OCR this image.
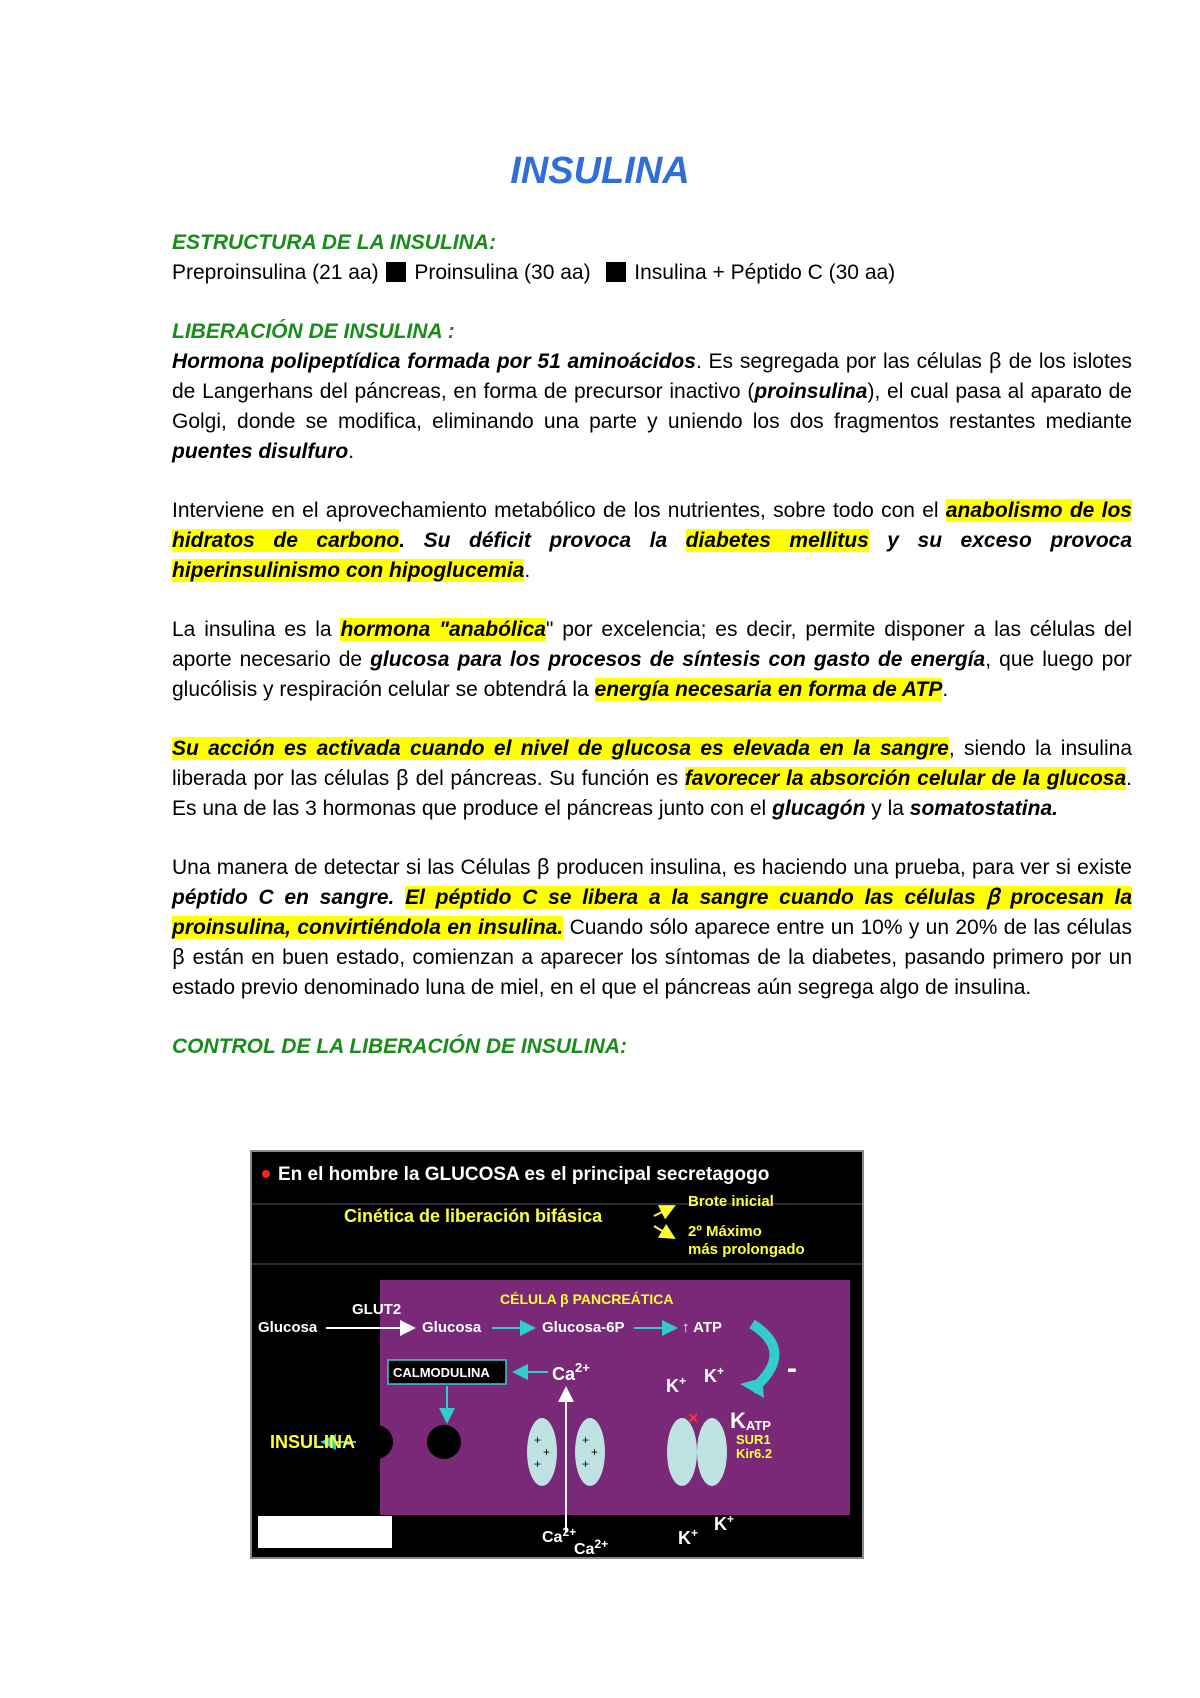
INSULINA
ESTRUCTURA DE LA INSULINA:

Preproinsulina (21 aa) Proinsulina (30 aa) Insulina + Péptido C (30 aa)

LIBERACIÓN DE INSULINA :

Hormona polipeptídica formada por 51 aminoácidos. Es segregada por las células ꞵ de los islotes de Langerhans del páncreas, en forma de precursor inactivo (proinsulina), el cual pasa al aparato de Golgi, donde se modifica, eliminando una parte y uniendo los dos fragmentos restantes mediante puentes disulfuro.

Interviene en el aprovechamiento metabólico de los nutrientes, sobre todo con el anabolismo de los hidratos de carbono. Su déficit provoca la diabetes mellitus y su exceso provoca hiperinsulinismo con hipoglucemia.

La insulina es la hormona "anabólica" por excelencia; es decir, permite disponer a las células del aporte necesario de glucosa para los procesos de síntesis con gasto de energía, que luego por glucólisis y respiración celular se obtendrá la energía necesaria en forma de ATP.

Su acción es activada cuando el nivel de glucosa es elevada en la sangre, siendo la insulina liberada por las células ꞵ del páncreas. Su función es favorecer la absorción celular de la glucosa. Es una de las 3 hormonas que produce el páncreas junto con el glucagón y la somatostatina.

Una manera de detectar si las Células ꞵ producen insulina, es haciendo una prueba, para ver si existe péptido C en sangre. El péptido C se libera a la sangre cuando las células ꞵ procesan la proinsulina, convirtiéndola en insulina. Cuando sólo aparece entre un 10% y un 20% de las células ꞵ están en buen estado, comienzan a aparecer los síntomas de la diabetes, pasando primero por un estado previo denominado luna de miel, en el que el páncreas aún segrega algo de insulina.

CONTROL DE LA LIBERACIÓN DE INSULINA:
En el hombre la GLUCOSA es el principal secretagogo
Cinética de liberación bifásica
Brote inicial
2º Máximo
más prolongado
CÉLULA β PANCREÁTICA
Glucosa
GLUT2
Glucosa	Glucosa-6P	↑ ATP
CALMODULINA	$Ca^{2+}$
INSULINA	+
+
+
+
+
+
$Ca^{2+}$
$Ca^{2+}$
×
K+ K+ -
KATP
SUR1
Kir6.2
K+ K+
